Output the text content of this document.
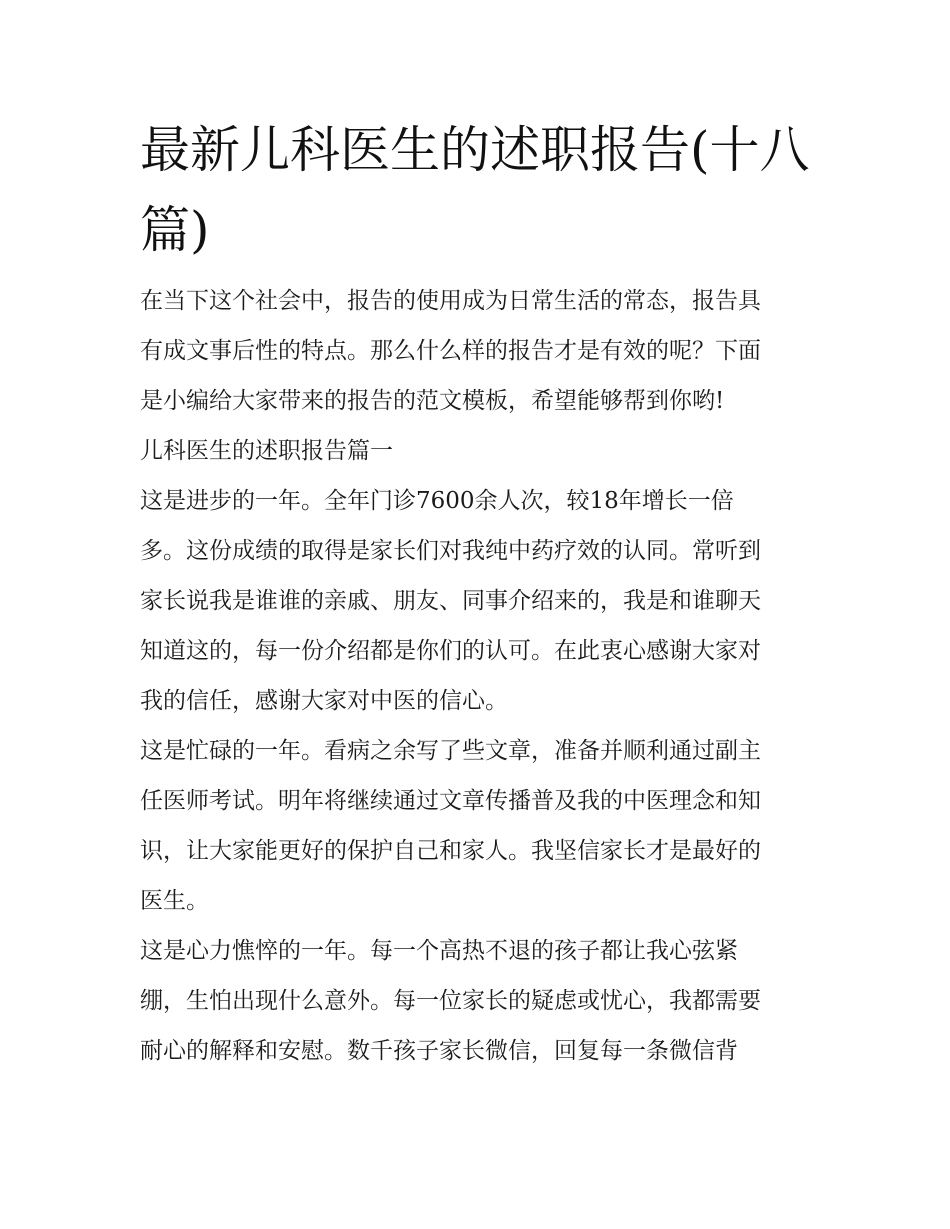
最新儿科医生的述职报告(十八
篇)

在当下这个社会中，报告的使用成为日常生活的常态，报告具
有成文事后性的特点。那么什么样的报告才是有效的呢？下面
是小编给大家带来的报告的范文模板，希望能够帮到你哟!

儿科医生的述职报告篇一

这是进步的一年。全年门诊7600余人次，较18年增长一倍
多。这份成绩的取得是家长们对我纯中药疗效的认同。常听到
家长说我是谁谁的亲戚、朋友、同事介绍来的，我是和谁聊天
知道这的，每一份介绍都是你们的认可。在此衷心感谢大家对
我的信任，感谢大家对中医的信心。

这是忙碌的一年。看病之余写了些文章，准备并顺利通过副主
任医师考试。明年将继续通过文章传播普及我的中医理念和知
识，让大家能更好的保护自己和家人。我坚信家长才是最好的
医生。

这是心力憔悴的一年。每一个高热不退的孩子都让我心弦紧
绷，生怕出现什么意外。每一位家长的疑虑或忧心，我都需要
耐心的解释和安慰。数千孩子家长微信，回复每一条微信背
